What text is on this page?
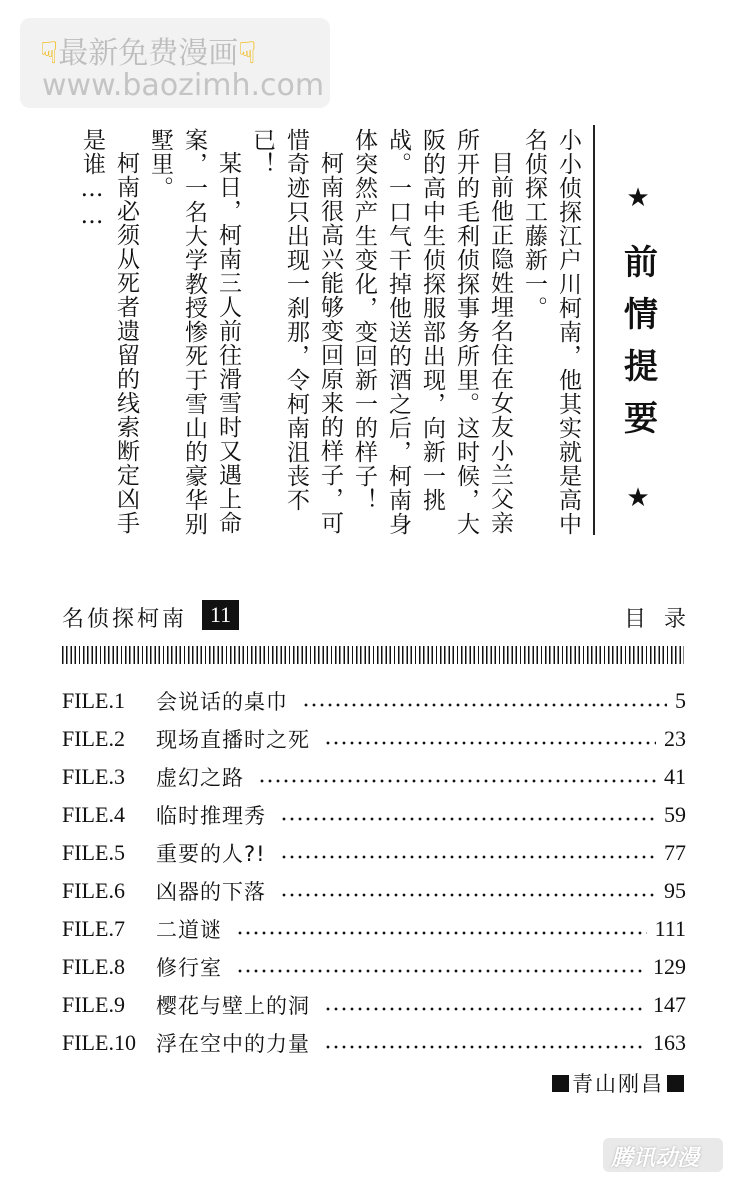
☟最新免费漫画☟
www.baozimh.com

小小侦探江户川柯南，他其实就是高中名侦探工藤新一。

目前他正隐姓埋名住在女友小兰父亲所开的毛利侦探事务所里。这时候，大阪的高中生侦探服部出现，向新一挑战。一口气干掉他送的酒之后，柯南身体突然产生变化，变回新一的样子！

柯南很高兴能够变回原来的样子，可惜奇迹只出现一刹那，令柯南沮丧不已！

某日，柯南三人前往滑雪时又遇上命案，一名大学教授惨死于雪山的豪华别墅里。

柯南必须从死者遗留的线索断定凶手是谁……	★
前情提要
★
名侦探柯南	11	目录
FILE.1	会说话的桌巾	5
FILE.2	现场直播时之死	23
FILE.3	虚幻之路	41
FILE.4	临时推理秀	59
FILE.5	重要的人?!	77
FILE.6	凶器的下落	95
FILE.7	二道谜	111
FILE.8	修行室	129
FILE.9	樱花与壁上的洞	147
FILE.10 浮在空中的力量	163
青山刚昌
腾讯动漫
